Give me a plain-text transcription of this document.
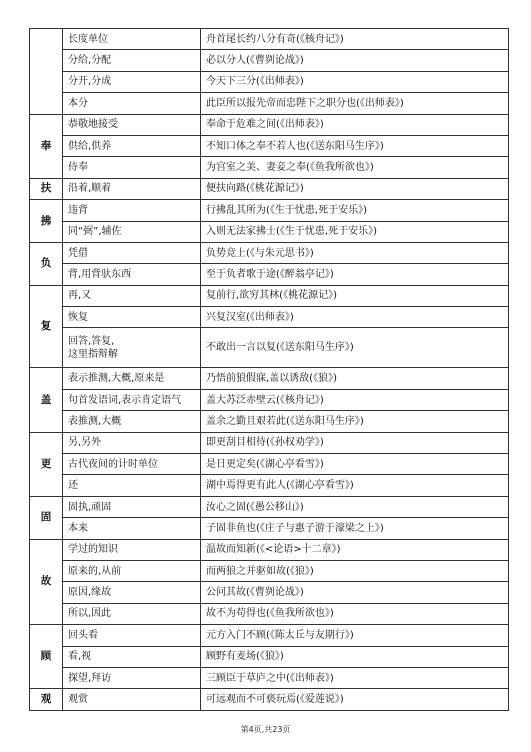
	长度单位	舟首尾长约八分有奇(《核舟记》)
	分给,分配	必以分人(《曹刿论战》)
	分开,分成	今天下三分(《出师表》)
	本分	此臣所以报先帝而忠陛下之职分也(《出师表》)
奉	恭敬地接受	奉命于危难之间(《出师表》)
	供给,供养	不知口体之奉不若人也(《送东阳马生序》)
	侍奉	为宫室之美、妻妾之奉(《鱼我所欲也》)
扶	沿着,顺着	便扶向路(《桃花源记》)
拂	违背	行拂乱其所为(《生于忧患,死于安乐》)
	同“弼”,辅佐	入则无法家拂士(《生于忧患,死于安乐》)
负	凭借	负势竞上(《与朱元思书》)
	背,用背驮东西	至于负者歌于途(《醉翁亭记》)
复	再,又	复前行,欲穷其林(《桃花源记》)
	恢复	兴复汉室(《出师表》)
	回答,答复,
这里指辩解	不敢出一言以复(《送东阳马生序》)
盖	表示推测,大概,原来是	乃悟前狼假寐,盖以诱敌(《狼》)
	句首发语词,表示肯定语气	盖大苏泛赤壁云(《核舟记》)
	表推测,大概	盖余之勤且艰若此(《送东阳马生序》)
更	另,另外	即更刮目相待(《孙权劝学》)
	古代夜间的计时单位	是日更定矣(《湖心亭看雪》)
	还	湖中焉得更有此人(《湖心亭看雪》)
固	固执,顽固	汝心之固(《愚公移山》)
	本来	子固非鱼也(《庄子与惠子游于濠梁之上》)
故	学过的知识	温故而知新(《<论语>十二章》)
	原来的,从前	而两狼之并驱如故(《狼》)
	原因,缘故	公问其故(《曹刿论战》)
	所以,因此	故不为苟得也(《鱼我所欲也》)
顾	回头看	元方入门不顾(《陈太丘与友期行》)
	看,视	顾野有麦场(《狼》)
	探望,拜访	三顾臣于草庐之中(《出师表》)
观	观赏	可远观而不可亵玩焉(《爱莲说》)
第4页,共23页
